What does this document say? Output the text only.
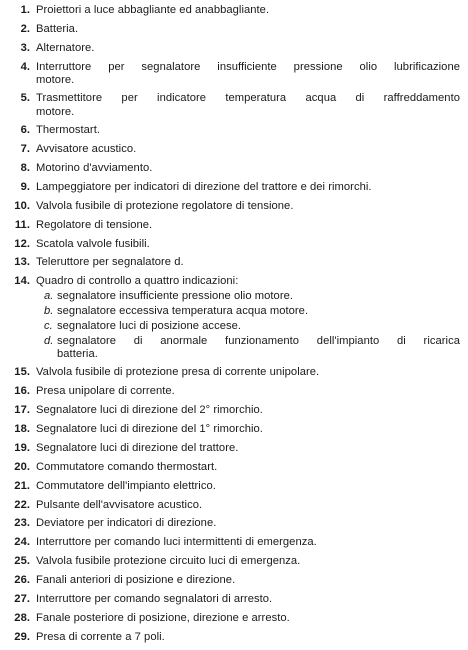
1. Proiettori a luce abbagliante ed anabbagliante.
2. Batteria.
3. Alternatore.
4. Interruttore per segnalatore insufficiente pressione olio lubrificazione
motore.
5. Trasmettitore per indicatore temperatura acqua di raffreddamento
motore.
6. Thermostart.
7. Avvisatore acustico.
8. Motorino d'avviamento.
9. Lampeggiatore per indicatori di direzione del trattore e dei rimorchi.
10. Valvola fusibile di protezione regolatore di tensione.
11. Regolatore di tensione.
12. Scatola valvole fusibili.
13. Teleruttore per segnalatore d.
14. Quadro di controllo a quattro indicazioni:
a. segnalatore insufficiente pressione olio motore.
b. segnalatore eccessiva temperatura acqua motore.
c. segnalatore luci di posizione accese.
d. segnalatore di anormale funzionamento dell'impianto di ricarica
batteria.
15. Valvola fusibile di protezione presa di corrente unipolare.
16. Presa unipolare di corrente.
17. Segnalatore luci di direzione del 2° rimorchio.
18. Segnalatore luci di direzione del 1° rimorchio.
19. Segnalatore luci di direzione del trattore.
20. Commutatore comando thermostart.
21. Commutatore dell'impianto elettrico.
22. Pulsante dell'avvisatore acustico.
23. Deviatore per indicatori di direzione.
24. Interruttore per comando luci intermittenti di emergenza.
25. Valvola fusibile protezione circuito luci di emergenza.
26. Fanali anteriori di posizione e direzione.
27. Interruttore per comando segnalatori di arresto.
28. Fanale posteriore di posizione, direzione e arresto.
29. Presa di corrente a 7 poli.
